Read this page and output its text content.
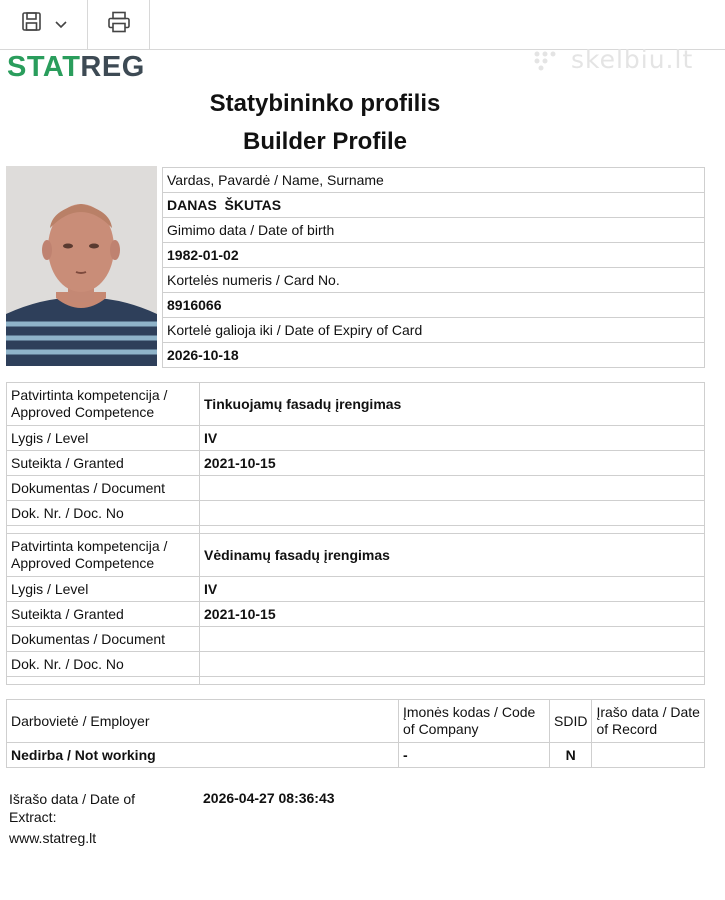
STATREG	skelbiu.lt
Statybininko profilis
Builder Profile
Vardas, Pavardė / Name, Surname
DANAS  ŠKUTAS
Gimimo data / Date of birth
1982-01-02
Kortelės numeris / Card No.
8916066
Kortelė galioja iki / Date of Expiry of Card
2026-10-18
Patvirtinta kompetencija / Approved Competence	Tinkuojamų fasadų įrengimas
Lygis / Level	IV
Suteikta / Granted	2021-10-15
Dokumentas / Document	
Dok. Nr. / Doc. No	

Patvirtinta kompetencija / Approved Competence	Vėdinamų fasadų įrengimas
Lygis / Level	IV
Suteikta / Granted	2021-10-15
Dokumentas / Document	
Dok. Nr. / Doc. No	

Darbovietė / Employer	Įmonės kodas / Code of Company	SDID	Įrašo data / Date of Record
Nedirba / Not working	-	N	
Išrašo data / Date of Extract:
2026-04-27 08:36:43
www.statreg.lt
